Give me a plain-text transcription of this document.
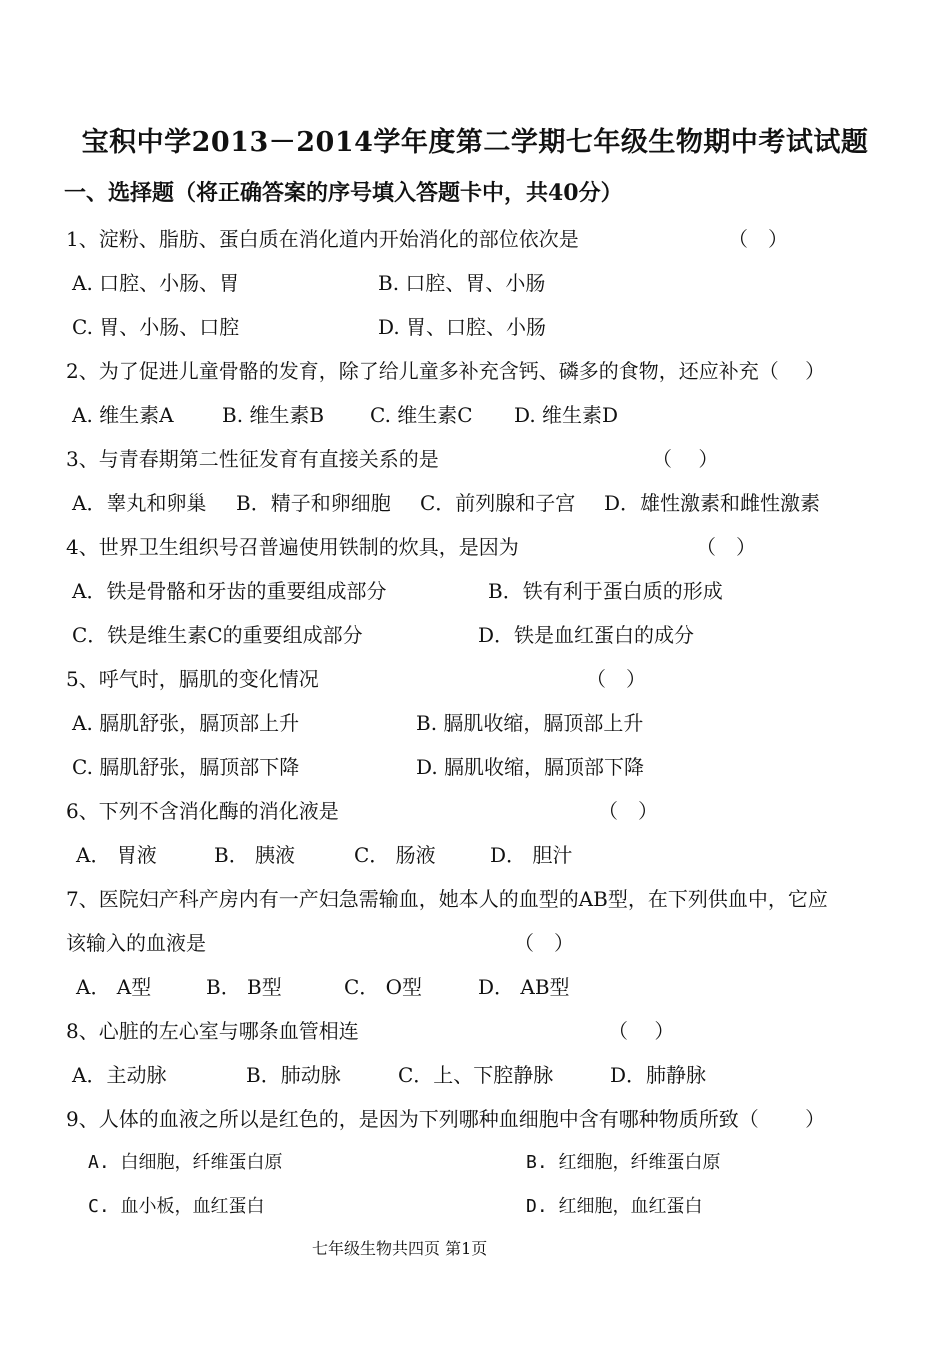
宝积中学2013－2014学年度第二学期七年级生物期中考试试题
一、选择题（将正确答案的序号填入答题卡中，共40分）
1、淀粉、脂肪、蛋白质在消化道内开始消化的部位依次是	（　）
A. 口腔、小肠、胃	B. 口腔、胃、小肠
C. 胃、小肠、口腔	D. 胃、口腔、小肠
2、为了促进儿童骨骼的发育，除了给儿童多补充含钙、磷多的食物，还应补充（　 ）
A. 维生素A B. 维生素B C. 维生素C D. 维生素D
3、与青春期第二性征发育有直接关系的是	（　 ）
A．睾丸和卵巢 B．精子和卵细胞 C．前列腺和子宫 D．雄性激素和雌性激素
4、世界卫生组织号召普遍使用铁制的炊具，是因为	（　）
A．铁是骨骼和牙齿的重要组成部分	B．铁有利于蛋白质的形成
C．铁是维生素C的重要组成部分	D．铁是血红蛋白的成分
5、呼气时，膈肌的变化情况	（　）
A. 膈肌舒张，膈顶部上升	B. 膈肌收缩，膈顶部上升
C. 膈肌舒张，膈顶部下降	D. 膈肌收缩，膈顶部下降
6、下列不含消化酶的消化液是	（　）
A． 胃液	B． 胰液	C． 肠液	D． 胆汁
7、医院妇产科产房内有一产妇急需输血，她本人的血型的AB型，在下列供血中，它应
该输入的血液是	（　）
A． A型	B． B型	C． O型	D． AB型
8、心脏的左心室与哪条血管相连	（　 ）
A．主动脉	B．肺动脉	C．上、下腔静脉	D．肺静脉
9、人体的血液之所以是红色的，是因为下列哪种血细胞中含有哪种物质所致（　　 ）
A. 白细胞，纤维蛋白原	B. 红细胞，纤维蛋白原
C. 血小板，血红蛋白	D. 红细胞，血红蛋白
七年级生物共四页 第1页
